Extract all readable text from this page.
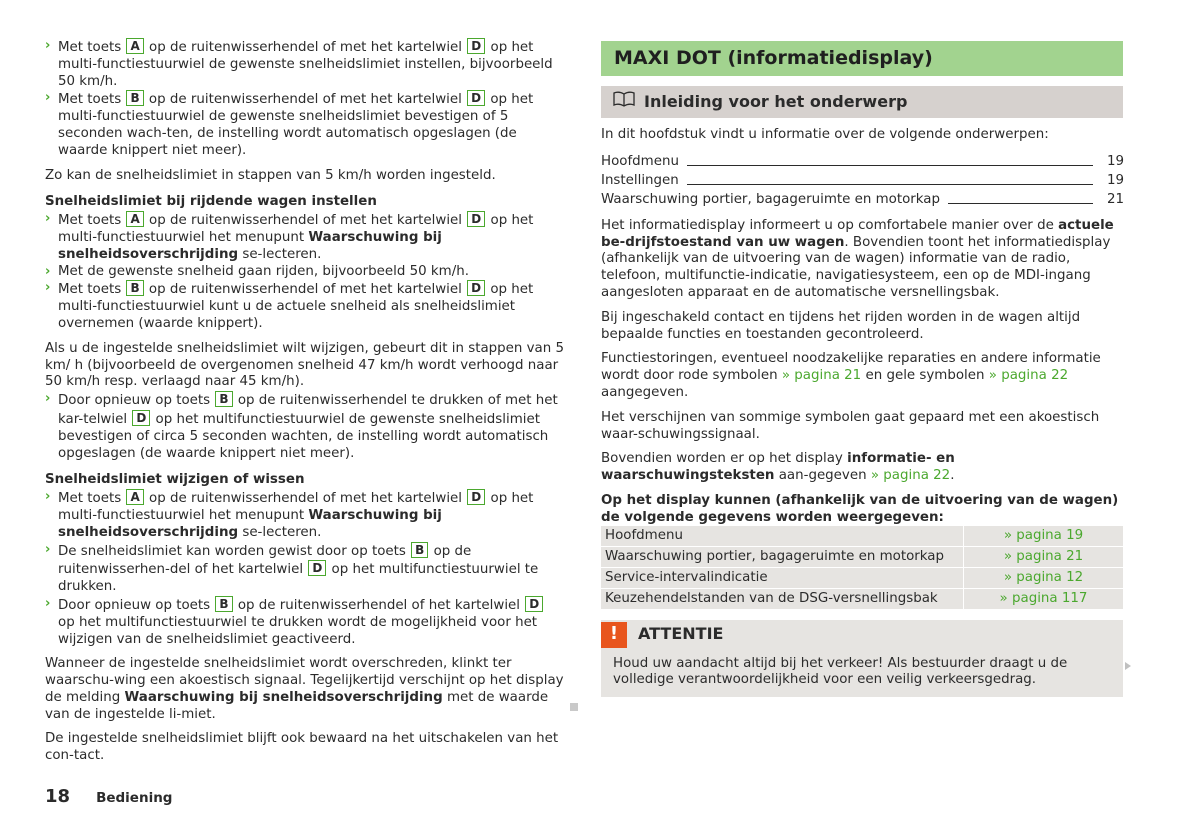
› Met toets A op de ruitenwisserhendel of met het kartelwiel D op het multi-functiestuurwiel de gewenste snelheidslimiet instellen, bijvoorbeeld 50 km/h.
› Met toets B op de ruitenwisserhendel of met het kartelwiel D op het multi-functiestuurwiel de gewenste snelheidslimiet bevestigen of 5 seconden wach-ten, de instelling wordt automatisch opgeslagen (de waarde knippert niet meer).

Zo kan de snelheidslimiet in stappen van 5 km/h worden ingesteld.

Snelheidslimiet bij rijdende wagen instellen
› Met toets A op de ruitenwisserhendel of met het kartelwiel D op het multi-functiestuurwiel het menupunt Waarschuwing bij snelheidsoverschrijding se-lecteren.
› Met de gewenste snelheid gaan rijden, bijvoorbeeld 50 km/h.
› Met toets B op de ruitenwisserhendel of met het kartelwiel D op het multi-functiestuurwiel kunt u de actuele snelheid als snelheidslimiet overnemen (waarde knippert).

Als u de ingestelde snelheidslimiet wilt wijzigen, gebeurt dit in stappen van 5 km/ h (bijvoorbeeld de overgenomen snelheid 47 km/h wordt verhoogd naar 50 km/h resp. verlaagd naar 45 km/h).

› Door opnieuw op toets B op de ruitenwisserhendel te drukken of met het kar-telwiel D op het multifunctiestuurwiel de gewenste snelheidslimiet bevestigen of circa 5 seconden wachten, de instelling wordt automatisch opgeslagen (de waarde knippert niet meer).
Snelheidslimiet wijzigen of wissen
› Met toets A op de ruitenwisserhendel of met het kartelwiel D op het multi-functiestuurwiel het menupunt Waarschuwing bij snelheidsoverschrijding se-lecteren.
› De snelheidslimiet kan worden gewist door op toets B op de ruitenwisserhen-del of het kartelwiel D op het multifunctiestuurwiel te drukken.
› Door opnieuw op toets B op de ruitenwisserhendel of het kartelwiel D op het multifunctiestuurwiel te drukken wordt de mogelijkheid voor het wijzigen van de snelheidslimiet geactiveerd.

Wanneer de ingestelde snelheidslimiet wordt overschreden, klinkt ter waarschu-wing een akoestisch signaal. Tegelijkertijd verschijnt op het display de melding Waarschuwing bij snelheidsoverschrijding met de waarde van de ingestelde li-miet.

De ingestelde snelheidslimiet blijft ook bewaard na het uitschakelen van het con-tact.

MAXI DOT (informatiedisplay)
Inleiding voor het onderwerp

In dit hoofdstuk vindt u informatie over de volgende onderwerpen:

Hoofdmenu	19
Instellingen	19
Waarschuwing portier, bagageruimte en motorkap	21

Het informatiedisplay informeert u op comfortabele manier over de actuele be-drijfstoestand van uw wagen. Bovendien toont het informatiedisplay (afhankelijk van de uitvoering van de wagen) informatie van de radio, telefoon, multifunctie-indicatie, navigatiesysteem, een op de MDI-ingang aangesloten apparaat en de automatische versnellingsbak.

Bij ingeschakeld contact en tijdens het rijden worden in de wagen altijd bepaalde functies en toestanden gecontroleerd.

Functiestoringen, eventueel noodzakelijke reparaties en andere informatie wordt door rode symbolen » pagina 21 en gele symbolen » pagina 22 aangegeven.

Het verschijnen van sommige symbolen gaat gepaard met een akoestisch waar-schuwingssignaal.

Bovendien worden er op het display informatie- en waarschuwingsteksten aan-gegeven » pagina 22.

Op het display kunnen (afhankelijk van de uitvoering van de wagen) de volgende gegevens worden weergegeven:

Hoofdmenu	» pagina 19
Waarschuwing portier, bagageruimte en motorkap	» pagina 21
Service-intervalindicatie	» pagina 12
Keuzehendelstanden van de DSG-versnellingsbak	» pagina 117
!	ATTENTIE
Houd uw aandacht altijd bij het verkeer! Als bestuurder draagt u de volledige verantwoordelijkheid voor een veilig verkeersgedrag.
18 Bediening
